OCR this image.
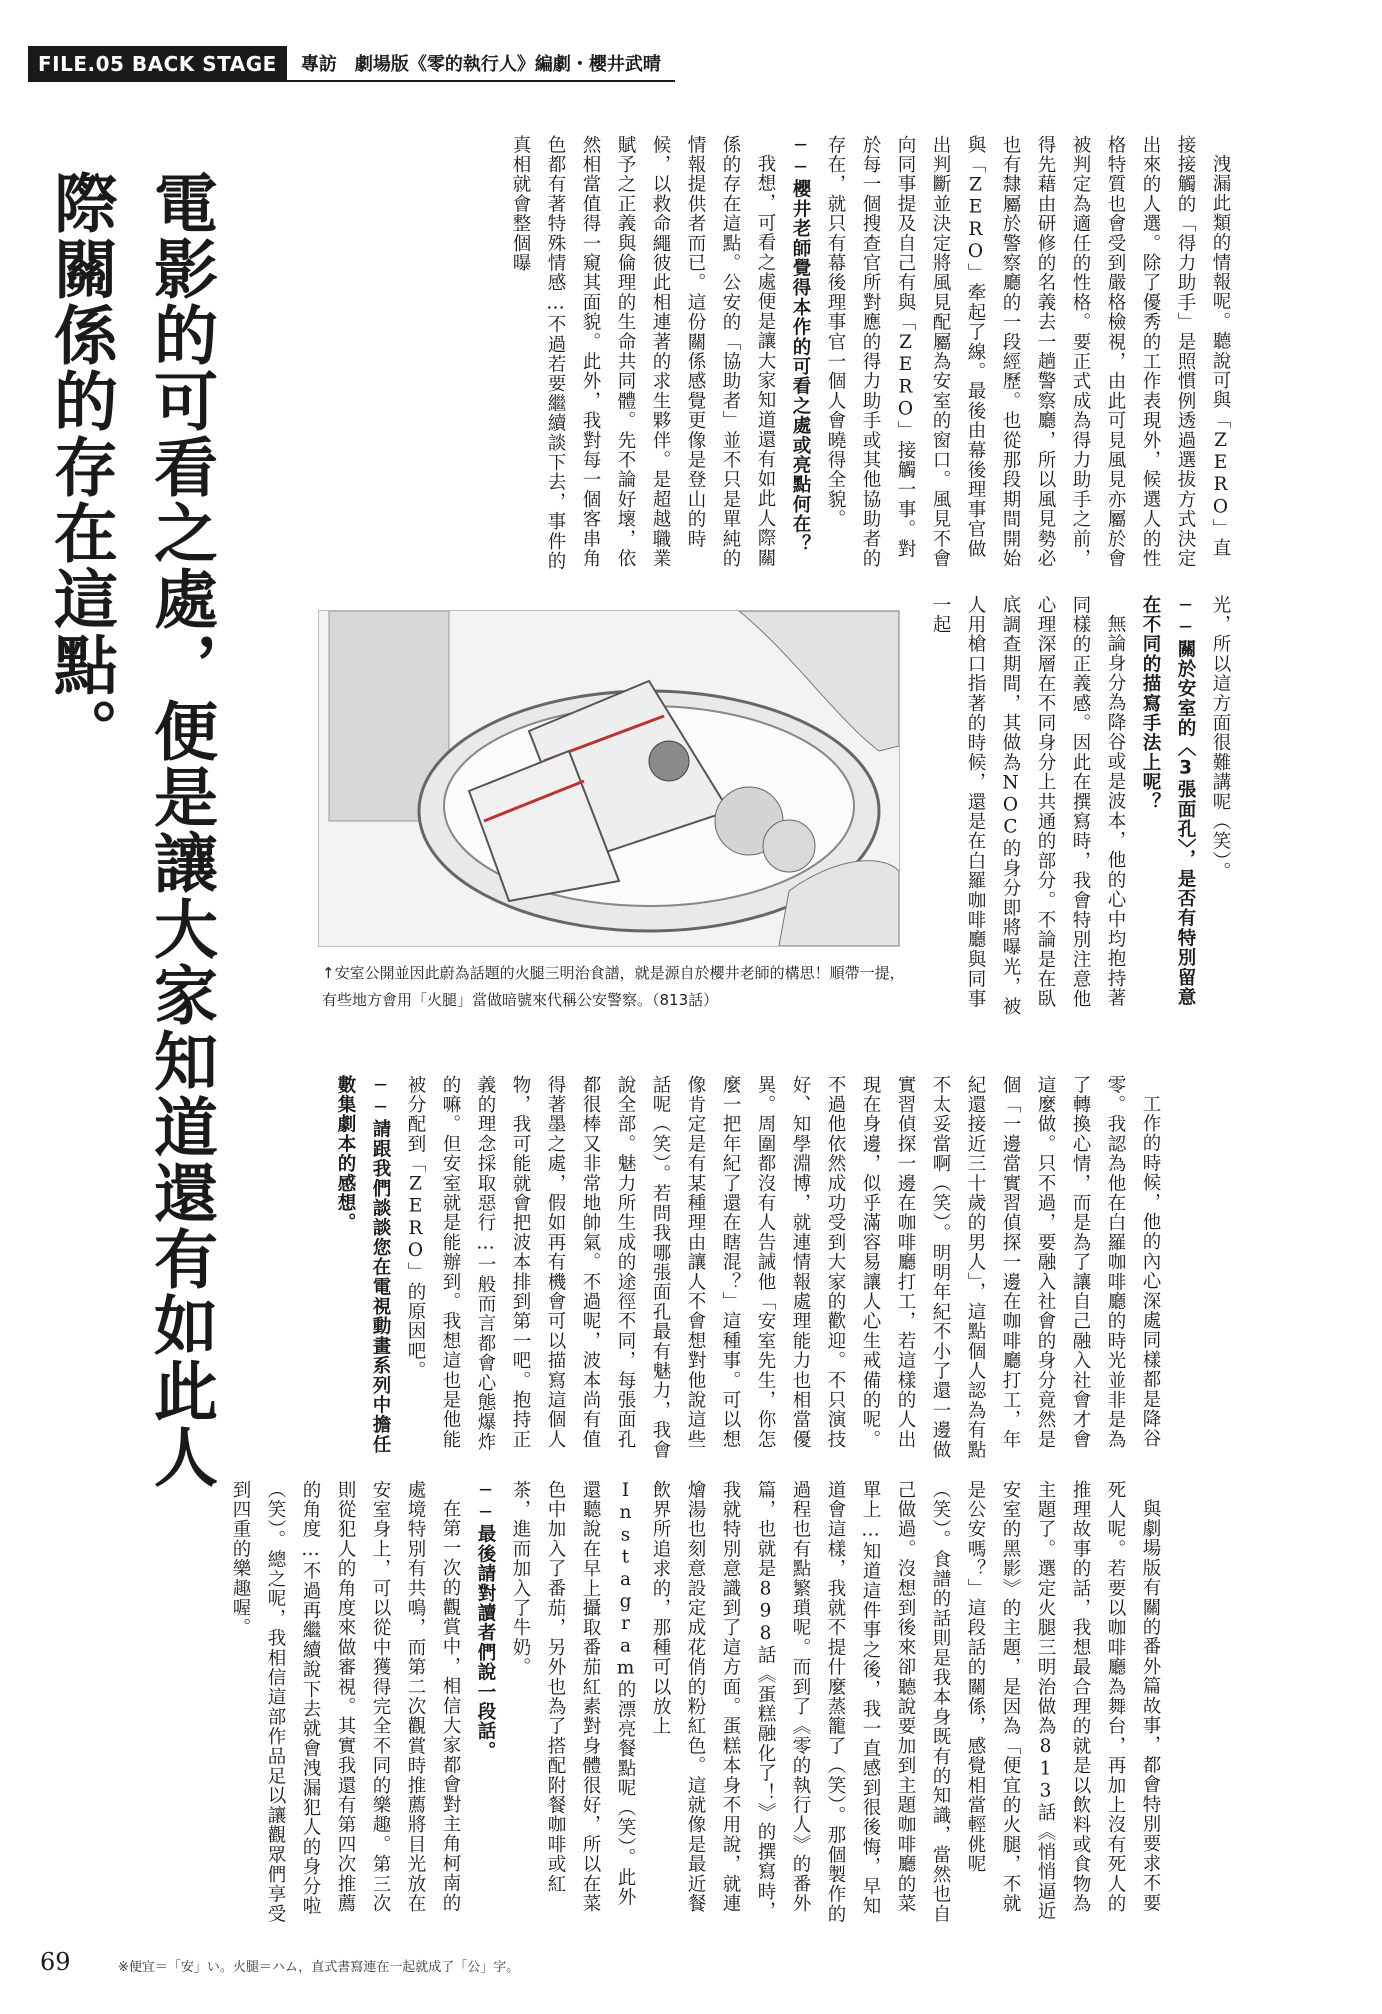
FILE.05 BACK STAGE	專訪　劇場版《零的執行人》編劇・櫻井武晴
電影的可看之處，便是讓大家知道還有如此人際關係的存在這點。	洩漏此類的情報呢。聽說可與「ZERO」直接接觸的「得力助手」是照慣例透過選拔方式決定出來的人選。除了優秀的工作表現外，候選人的性格特質也會受到嚴格檢視，由此可見風見亦屬於會被判定為適任的性格。要正式成為得力助手之前，得先藉由研修的名義去一趟警察廳，所以風見勢必也有隸屬於警察廳的一段經歷。也從那段期間開始與「ZERO」牽起了線。最後由幕後理事官做出判斷並決定將風見配屬為安室的窗口。風見不會向同事提及自己有與「ZERO」接觸一事。對於每一個搜查官所對應的得力助手或其他協助者的存在，就只有幕後理事官一個人會曉得全貌。

──櫻井老師覺得本作的可看之處或亮點何在？

我想，可看之處便是讓大家知道還有如此人際關係的存在這點。公安的「協助者」並不只是單純的情報提供者而已。這份關係感覺更像是登山的時候，以救命繩彼此相連著的求生夥伴。是超越職業賦予之正義與倫理的生命共同體。先不論好壞，依然相當值得一窺其面貌。此外，我對每一個客串角色都有著特殊情感…不過若要繼續談下去，事件的真相就會整個曝

光，所以這方面很難講呢（笑）。

──關於安室的〈3張面孔〉，是否有特別留意在不同的描寫手法上呢？

無論身分為降谷或是波本，他的心中均抱持著同樣的正義感。因此在撰寫時，我會特別注意他心理深層在不同身分上共通的部分。不論是在臥底調查期間，其做為NOC的身分即將曝光，被人用槍口指著的時候，還是在白羅咖啡廳與同事一起

↑安室公開並因此蔚為話題的火腿三明治食譜，就是源自於櫻井老師的構思！順帶一提，有些地方會用「火腿」當做暗號來代稱公安警察。（813話）

工作的時候，他的內心深處同樣都是降谷零。我認為他在白羅咖啡廳的時光並非是為了轉換心情，而是為了讓自己融入社會才會這麼做。只不過，要融入社會的身分竟然是個「一邊當實習偵探一邊在咖啡廳打工，年紀還接近三十歲的男人」，這點個人認為有點不太妥當啊（笑）。明明年紀不小了還一邊做實習偵探一邊在咖啡廳打工，若這樣的人出現在身邊，似乎滿容易讓人心生戒備的呢。不過他依然成功受到大家的歡迎。不只演技好、知學淵博，就連情報處理能力也相當優異。周圍都沒有人告誡他「安室先生，你怎麼一把年紀了還在瞎混？」這種事。可以想像肯定是有某種理由讓人不會想對他說這些話呢（笑）。若問我哪張面孔最有魅力，我會說全部。魅力所生成的途徑不同，每張面孔都很棒又非常地帥氣。不過呢，波本尚有值得著墨之處，假如再有機會可以描寫這個人物，我可能就會把波本排到第一吧。抱持正義的理念採取惡行…一般而言都會心態爆炸的嘛。但安室就是能辦到。我想這也是他能被分配到「ZERO」的原因吧。

──請跟我們談談您在電視動畫系列中擔任數集劇本的感想。

與劇場版有關的番外篇故事，都會特別要求不要死人呢。若要以咖啡廳為舞台，再加上沒有死人的推理故事的話，我想最合理的就是以飲料或食物為主題了。選定火腿三明治做為813話《悄悄逼近安室的黑影》的主題，是因為「便宜的火腿，不就是公安嗎？」這段話的關係，感覺相當輕佻呢（笑）。食譜的話則是我本身既有的知識，當然也自己做過。沒想到後來卻聽說要加到主題咖啡廳的菜單上…知道這件事之後，我一直感到很後悔，早知道會這樣，我就不提什麼蒸籠了（笑）。那個製作的過程也有點繁瑣呢。而到了《零的執行人》的番外篇，也就是898話《蛋糕融化了！》的撰寫時，我就特別意識到了這方面。蛋糕本身不用說，就連燴湯也刻意設定成花俏的粉紅色。這就像是最近餐飲界所追求的，那種可以放上Instagram的漂亮餐點呢（笑）。此外還聽說在早上攝取番茄紅素對身體很好，所以在菜色中加入了番茄，另外也為了搭配附餐咖啡或紅茶，進而加入了牛奶。

──最後請對讀者們說一段話。

在第一次的觀賞中，相信大家都會對主角柯南的處境特別有共鳴，而第二次觀賞時推薦將目光放在安室身上，可以從中獲得完全不同的樂趣。第三次則從犯人的角度來做審視。其實我還有第四次推薦的角度…不過再繼續說下去就會洩漏犯人的身分啦（笑）。總之呢，我相信這部作品足以讓觀眾們享受到四重的樂趣喔。

69	※便宜＝「安」い。火腿＝ハム，直式書寫連在一起就成了「公」字。
